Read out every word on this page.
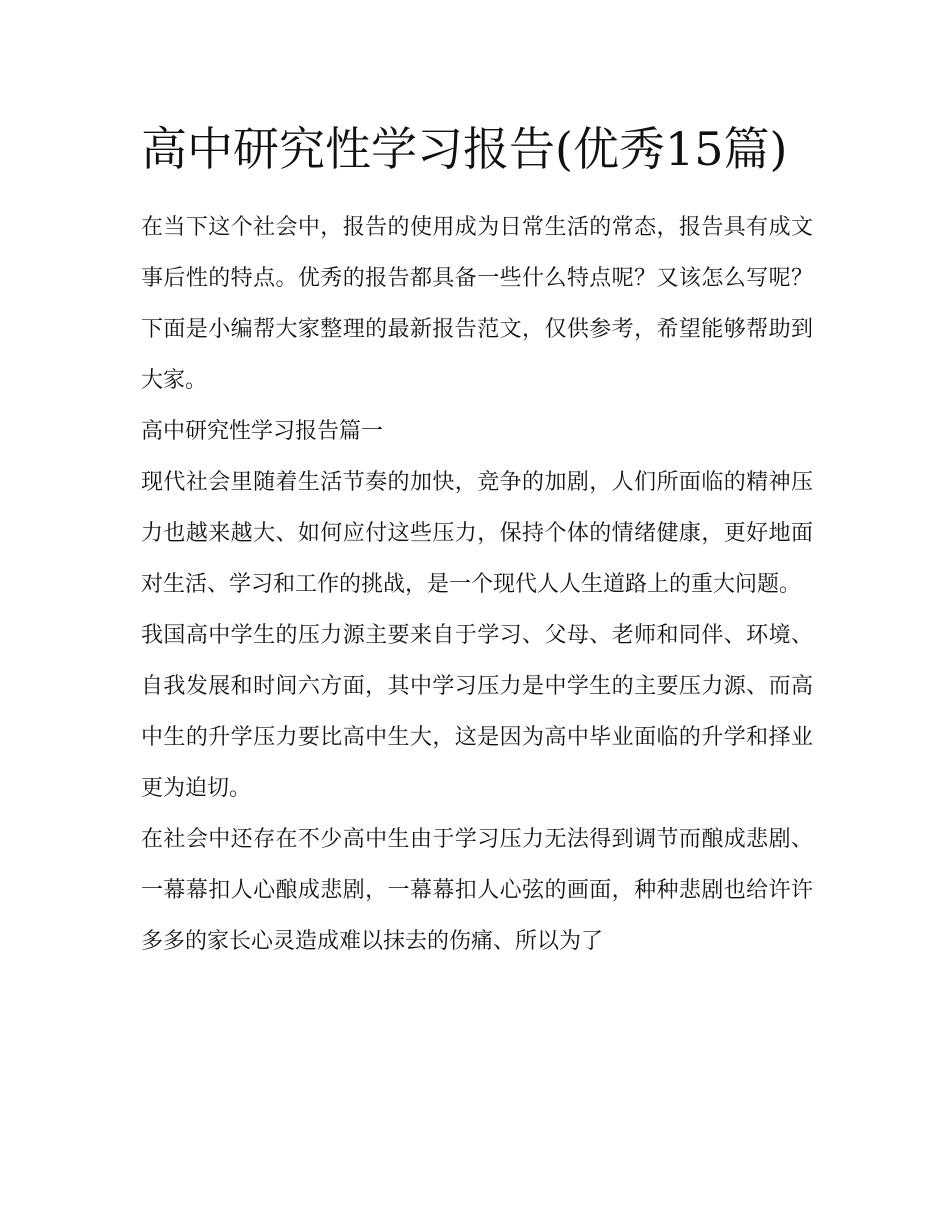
高中研究性学习报告(优秀15篇)

在当下这个社会中，报告的使用成为日常生活的常态，报告具有成文事后性的特点。优秀的报告都具备一些什么特点呢？又该怎么写呢？下面是小编帮大家整理的最新报告范文，仅供参考，希望能够帮助到大家。

高中研究性学习报告篇一

现代社会里随着生活节奏的加快，竞争的加剧，人们所面临的精神压力也越来越大、如何应付这些压力，保持个体的情绪健康，更好地面对生活、学习和工作的挑战，是一个现代人人生道路上的重大问题。

我国高中学生的压力源主要来自于学习、父母、老师和同伴、环境、自我发展和时间六方面，其中学习压力是中学生的主要压力源、而高中生的升学压力要比高中生大，这是因为高中毕业面临的升学和择业更为迫切。

在社会中还存在不少高中生由于学习压力无法得到调节而酿成悲剧、一幕幕扣人心酿成悲剧，一幕幕扣人心弦的画面，种种悲剧也给许许多多的家长心灵造成难以抹去的伤痛、所以为了
